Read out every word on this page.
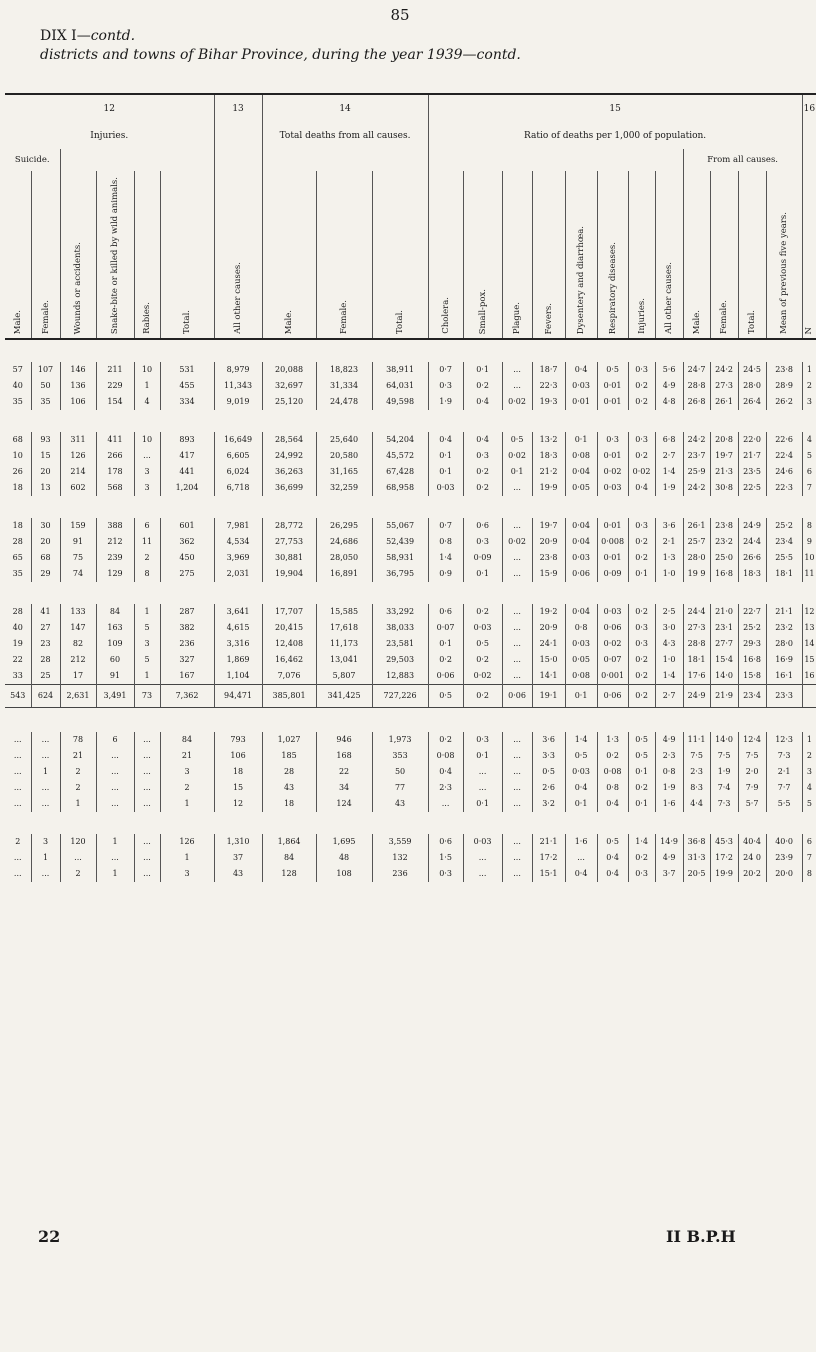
85
DIX I—contd.
districts and towns of Bihar Province, during the year 1939—contd.
12						13	14			15												16
Injuries.							Total deaths from all causes.			Ratio of deaths per 1,000 of population.												
Suicide.																		From all causes.				
Male.	Female.	Wounds or accidents.	Snake-bite or killed by wild animals.	Rabies.	Total.	All other causes.	Male.	Female.	Total.	Cholera.	Small-pox.	Plague.	Fevers.	Dysentery and diarrhœa.	Respiratory diseases.	Injuries.	All other causes.	Male.	Female.	Total.	Mean of previous five years.	N

57	107	146	211	10	531	8,979	20,088	18,823	38,911	0·7	0·1	...	18·7	0·4	0·5	0·3	5·6	24·7	24·2	24·5	23·8	1
40	50	136	229	1	455	11,343	32,697	31,334	64,031	0·3	0·2	...	22·3	0·03	0·01	0·2	4·9	28·8	27·3	28·0	28·9	2
35	35	106	154	4	334	9,019	25,120	24,478	49,598	1·9	0·4	0·02	19·3	0·01	0·01	0·2	4·8	26·8	26·1	26·4	26·2	3

68	93	311	411	10	893	16,649	28,564	25,640	54,204	0·4	0·4	0·5	13·2	0·1	0·3	0·3	6·8	24·2	20·8	22·0	22·6	4
10	15	126	266	...	417	6,605	24,992	20,580	45,572	0·1	0·3	0·02	18·3	0·08	0·01	0·2	2·7	23·7	19·7	21·7	22·4	5
26	20	214	178	3	441	6,024	36,263	31,165	67,428	0·1	0·2	0·1	21·2	0·04	0·02	0·02	1·4	25·9	21·3	23·5	24·6	6
18	13	602	568	3	1,204	6,718	36,699	32,259	68,958	0·03	0·2	...	19·9	0·05	0·03	0·4	1·9	24·2	30·8	22·5	22·3	7

18	30	159	388	6	601	7,981	28,772	26,295	55,067	0·7	0·6	...	19·7	0·04	0·01	0·3	3·6	26·1	23·8	24·9	25·2	8
28	20	91	212	11	362	4,534	27,753	24,686	52,439	0·8	0·3	0·02	20·9	0·04	0·008	0·2	2·1	25·7	23·2	24·4	23·4	9
65	68	75	239	2	450	3,969	30,881	28,050	58,931	1·4	0·09	...	23·8	0·03	0·01	0·2	1·3	28·0	25·0	26·6	25·5	10
35	29	74	129	8	275	2,031	19,904	16,891	36,795	0·9	0·1	...	15·9	0·06	0·09	0·1	1·0	19 9	16·8	18·3	18·1	11

28	41	133	84	1	287	3,641	17,707	15,585	33,292	0·6	0·2	...	19·2	0·04	0·03	0·2	2·5	24·4	21·0	22·7	21·1	12
40	27	147	163	5	382	4,615	20,415	17,618	38,033	0·07	0·03	...	20·9	0·8	0·06	0·3	3·0	27·3	23·1	25·2	23·2	13
19	23	82	109	3	236	3,316	12,408	11,173	23,581	0·1	0·5	...	24·1	0·03	0·02	0·3	4·3	28·8	27·7	29·3	28·0	14
22	28	212	60	5	327	1,869	16,462	13,041	29,503	0·2	0·2	...	15·0	0·05	0·07	0·2	1·0	18·1	15·4	16·8	16·9	15
33	25	17	91	1	167	1,104	7,076	5,807	12,883	0·06	0·02	...	14·1	0·08	0·001	0·2	1·4	17·6	14·0	15·8	16·1	16
543	624	2,631	3,491	73	7,362	94,471	385,801	341,425	727,226	0·5	0·2	0·06	19·1	0·1	0·06	0·2	2·7	24·9	21·9	23·4	23·3	

...	...	78	6	...	84	793	1,027	946	1,973	0·2	0·3	...	3·6	1·4	1·3	0·5	4·9	11·1	14·0	12·4	12·3	1
...	...	21	...	...	21	106	185	168	353	0·08	0·1	...	3·3	0·5	0·2	0·5	2·3	7·5	7·5	7·5	7·3	2
...	1	2	...	...	3	18	28	22	50	0·4	...	...	0·5	0·03	0·08	0·1	0·8	2·3	1·9	2·0	2·1	3
...	...	2	...	...	2	15	43	34	77	2·3	...	...	2·6	0·4	0·8	0·2	1·9	8·3	7·4	7·9	7·7	4
...	...	1	...	...	1	12	18	124	43	...	0·1	...	3·2	0·1	0·4	0·1	1·6	4·4	7·3	5·7	5·5	5

2	3	120	1	...	126	1,310	1,864	1,695	3,559	0·6	0·03	...	21·1	1·6	0·5	1·4	14·9	36·8	45·3	40·4	40·0	6
...	1	...	...	...	1	37	84	48	132	1·5	...	...	17·2	...	0·4	0·2	4·9	31·3	17·2	24 0	23·9	7
...	...	2	1	...	3	43	128	108	236	0·3	...	...	15·1	0·4	0·4	0·3	3·7	20·5	19·9	20·2	20·0	8
22	II B.P.H
